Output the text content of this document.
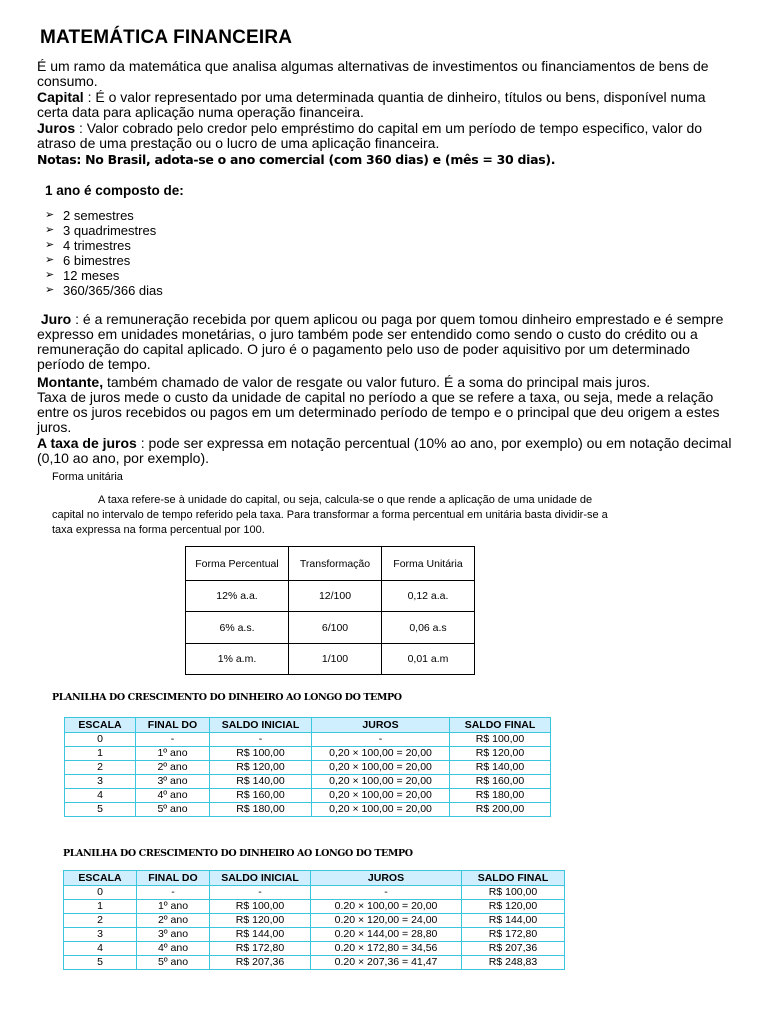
MATEMÁTICA FINANCEIRA
É um ramo da matemática que analisa algumas alternativas de investimentos ou financiamentos de bens de consumo.
Capital : É o valor representado por uma determinada quantia de dinheiro, títulos ou bens, disponível numa certa data para aplicação numa operação financeira.
Juros : Valor cobrado pelo credor pelo empréstimo do capital em um período de tempo especifico, valor do atraso de uma prestação ou o lucro de uma aplicação financeira.
Notas: No Brasil, adota-se o ano comercial (com 360 dias) e (mês = 30 dias).
1 ano é composto de:
➢ 2 semestres
➢ 3 quadrimestres
➢ 4 trimestres
➢ 6 bimestres
➢ 12 meses
➢ 360/365/366 dias
Juro : é a remuneração recebida por quem aplicou ou paga por quem tomou dinheiro emprestado e é sempre expresso em unidades monetárias, o juro também pode ser entendido como sendo o custo do crédito ou a remuneração do capital aplicado. O juro é o pagamento pelo uso de poder aquisitivo por um determinado período de tempo.
Montante, também chamado de valor de resgate ou valor futuro. É a soma do principal mais juros.
Taxa de juros mede o custo da unidade de capital no período a que se refere a taxa, ou seja, mede a relação entre os juros recebidos ou pagos em um determinado período de tempo e o principal que deu origem a estes juros.
A taxa de juros : pode ser expressa em notação percentual (10% ao ano, por exemplo) ou em notação decimal (0,10 ao ano, por exemplo).
Forma unitária
A taxa refere-se à unidade do capital, ou seja, calcula-se o que rende a aplicação de uma unidade de capital no intervalo de tempo referido pela taxa. Para transformar a forma percentual em unitária basta dividir-se a taxa expressa na forma percentual por 100.
Forma Percentual	Transformação	Forma Unitária
12% a.a.	12/100	0,12 a.a.
6% a.s.	6/100	0,06 a.s
1% a.m.	1/100	0,01 a.m
PLANILHA DO CRESCIMENTO DO DINHEIRO AO LONGO DO TEMPO
ESCALA	FINAL DO	SALDO INICIAL	JUROS	SALDO FINAL
0	-	-	-	R$ 100,00
1	1º ano	R$ 100,00	0,20 × 100,00 = 20,00	R$ 120,00
2	2º ano	R$ 120,00	0,20 × 100,00 = 20,00	R$ 140,00
3	3º ano	R$ 140,00	0,20 × 100,00 = 20,00	R$ 160,00
4	4º ano	R$ 160,00	0,20 × 100,00 = 20,00	R$ 180,00
5	5º ano	R$ 180,00	0,20 × 100,00 = 20,00	R$ 200,00
PLANILHA DO CRESCIMENTO DO DINHEIRO AO LONGO DO TEMPO
ESCALA	FINAL DO	SALDO INICIAL	JUROS	SALDO FINAL
0	-	-	-	R$ 100,00
1	1º ano	R$ 100,00	0.20 × 100,00 = 20,00	R$ 120,00
2	2º ano	R$ 120,00	0.20 × 120,00 = 24,00	R$ 144,00
3	3º ano	R$ 144,00	0.20 × 144,00 = 28,80	R$ 172,80
4	4º ano	R$ 172,80	0.20 × 172,80 = 34,56	R$ 207,36
5	5º ano	R$ 207,36	0.20 × 207,36 = 41,47	R$ 248,83
